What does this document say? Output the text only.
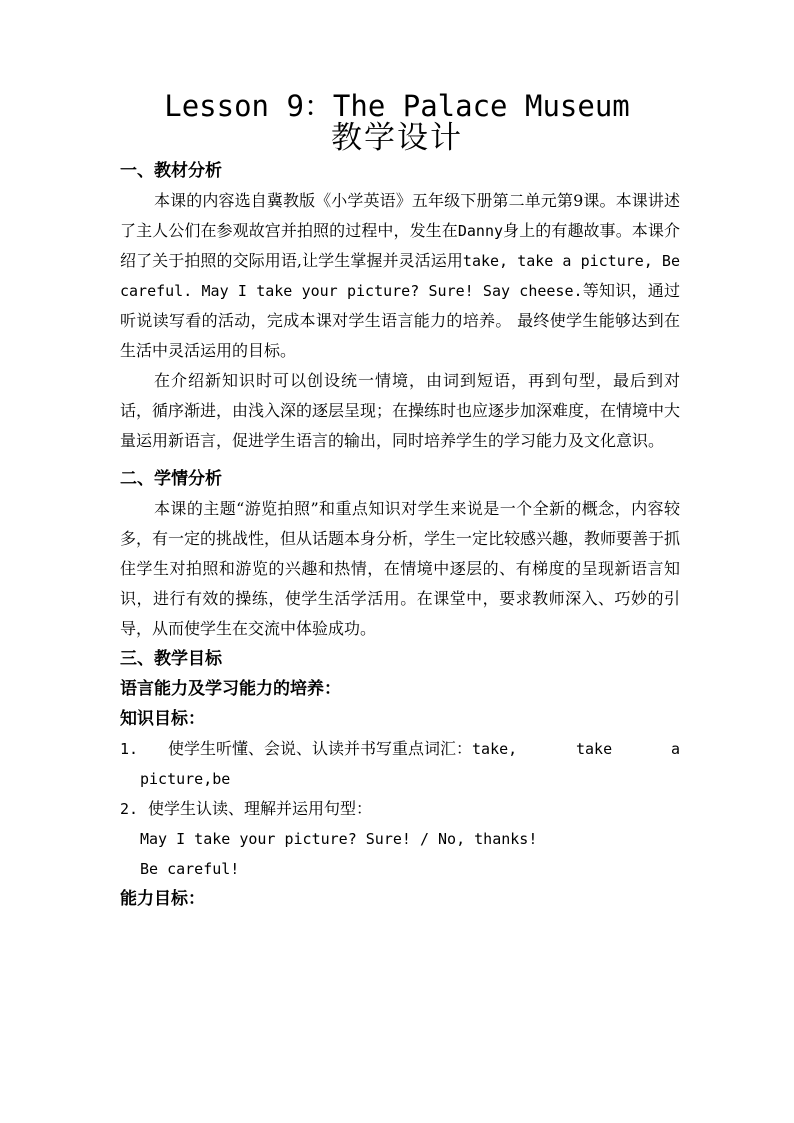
Lesson 9：The Palace Museum
教学设计
一、教材分析

本课的内容选自冀教版《小学英语》五年级下册第二单元第9课。本课讲述了主人公们在参观故宫并拍照的过程中，发生在Danny身上的有趣故事。本课介绍了关于拍照的交际用语,让学生掌握并灵活运用take, take a picture, Be careful. May I take your picture? Sure! Say cheese.等知识，通过听说读写看的活动，完成本课对学生语言能力的培养。 最终使学生能够达到在生活中灵活运用的目标。

在介绍新知识时可以创设统一情境，由词到短语，再到句型，最后到对话，循序渐进，由浅入深的逐层呈现；在操练时也应逐步加深难度，在情境中大量运用新语言，促进学生语言的输出，同时培养学生的学习能力及文化意识。

二、学情分析

本课的主题“游览拍照”和重点知识对学生来说是一个全新的概念，内容较多，有一定的挑战性，但从话题本身分析，学生一定比较感兴趣，教师要善于抓住学生对拍照和游览的兴趣和热情，在情境中逐层的、有梯度的呈现新语言知识，进行有效的操练，使学生活学活用。在课堂中，要求教师深入、巧妙的引导，从而使学生在交流中体验成功。

三、教学目标
语言能力及学习能力的培养：
知识目标：
1.	使学生听懂、会说、认读并书写重点词汇： take,	take	a
picture,be
2. 使学生认读、理解并运用句型：
May I take your picture? Sure! / No, thanks!
Be careful!
能力目标：
